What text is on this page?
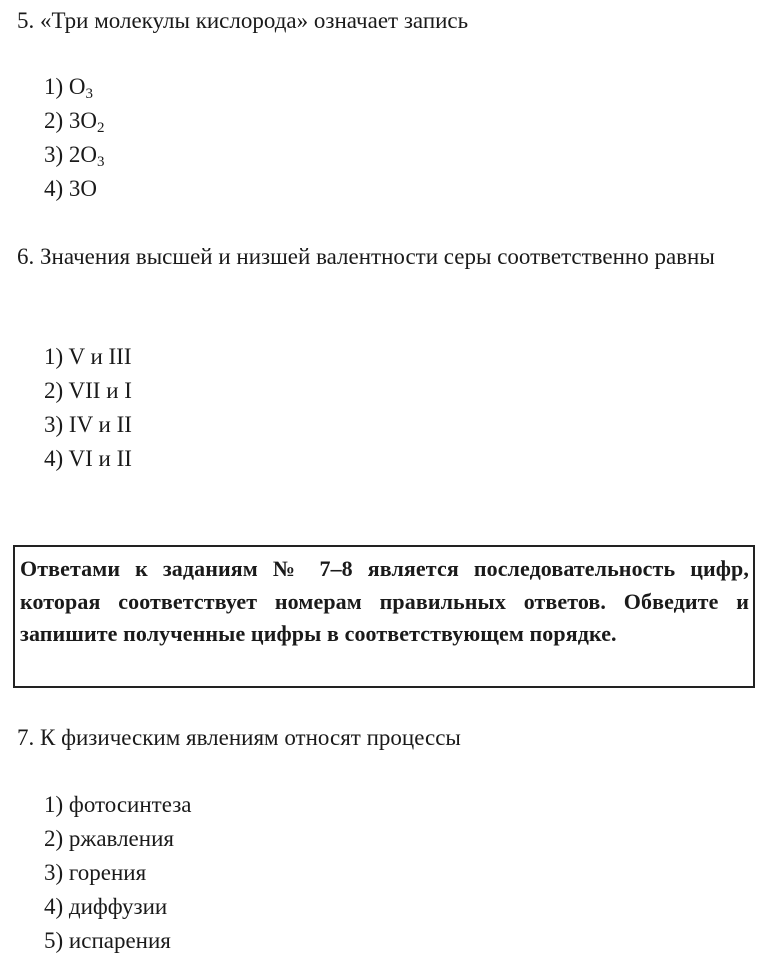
5. «Три молекулы кислорода» означает запись
1) $O_3$
2) $3O_2$
3) $2O_3$
4) 3O
6. Значения высшей и низшей валентности серы соответственно равны
1) V и III
2) VII и I
3) IV и II
4) VI и II
Ответами к заданиям № 7–8 является последовательность цифр, которая соответствует номерам правильных ответов. Обведите и запишите полученные цифры в соответствующем порядке.
7. К физическим явлениям относят процессы
1) фотосинтеза
2) ржавления
3) горения
4) диффузии
5) испарения
